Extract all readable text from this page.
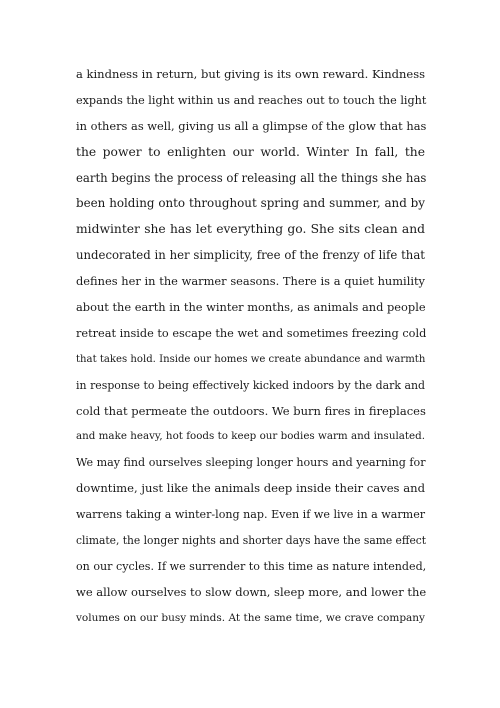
a kindness in return, but giving is its own reward. Kindness
expands the light within us and reaches out to touch the light
in others as well, giving us all a glimpse of the glow that has
the power to enlighten our world. Winter In fall, the
earth begins the process of releasing all the things she has
been holding onto throughout spring and summer, and by
midwinter she has let everything go. She sits clean and
undecorated in her simplicity, free of the frenzy of life that
defines her in the warmer seasons. There is a quiet humility
about the earth in the winter months, as animals and people
retreat inside to escape the wet and sometimes freezing cold
that takes hold. Inside our homes we create abundance and warmth
in response to being effectively kicked indoors by the dark and
cold that permeate the outdoors. We burn fires in fireplaces
and make heavy, hot foods to keep our bodies warm and insulated.
We may find ourselves sleeping longer hours and yearning for
downtime, just like the animals deep inside their caves and
warrens taking a winter-long nap. Even if we live in a warmer
climate, the longer nights and shorter days have the same effect
on our cycles. If we surrender to this time as nature intended,
we allow ourselves to slow down, sleep more, and lower the
volumes on our busy minds. At the same time, we crave company
